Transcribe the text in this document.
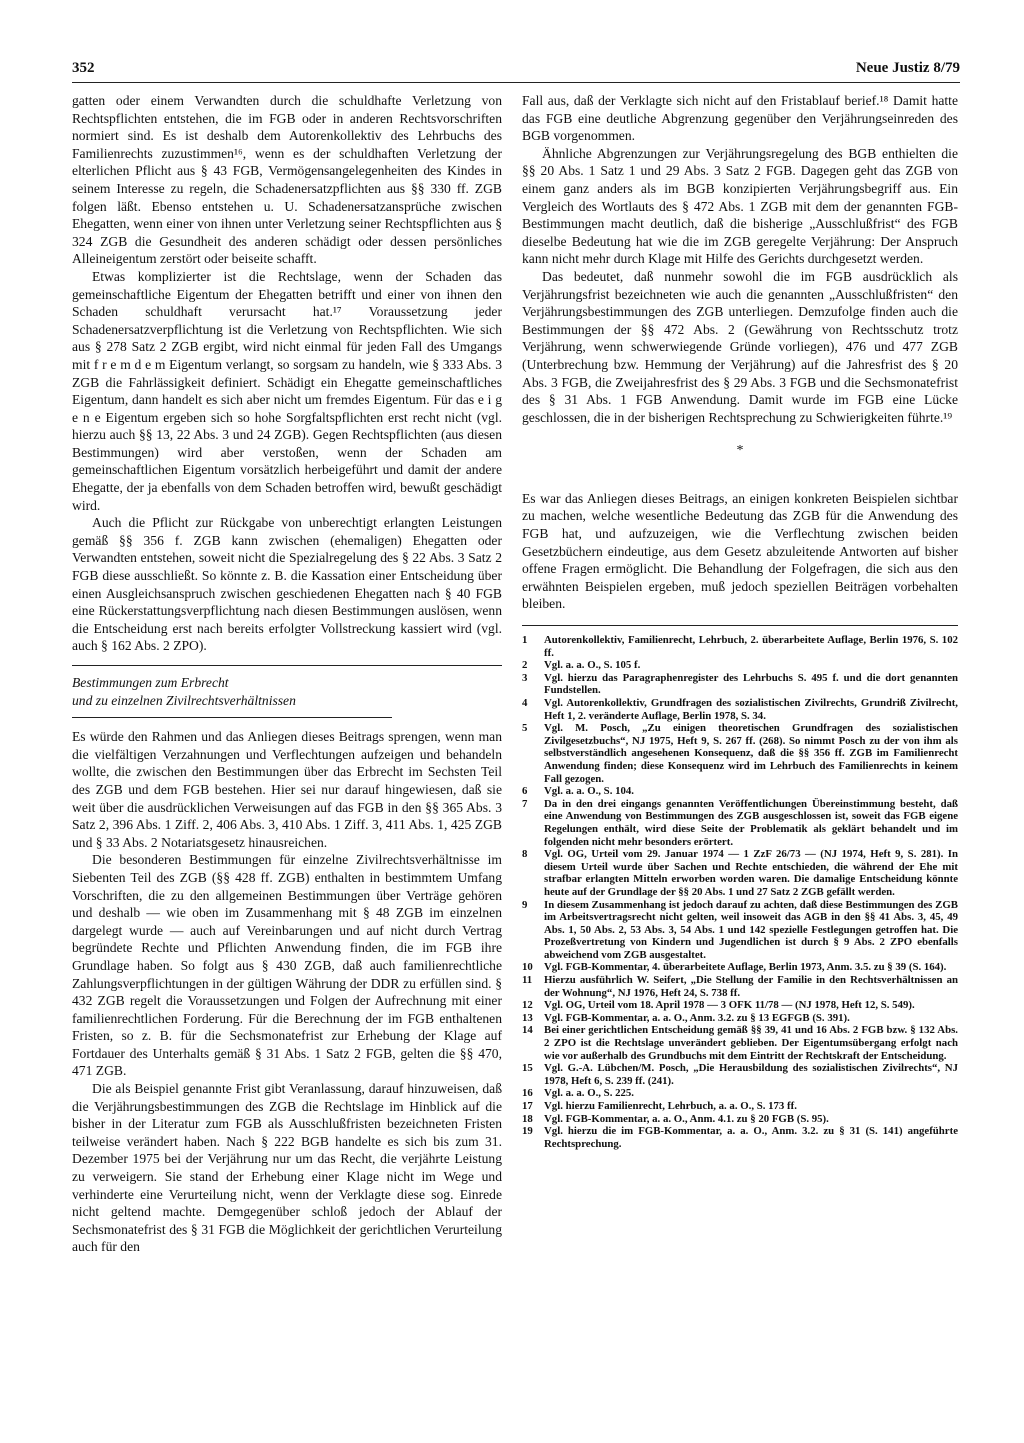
352	Neue Justiz 8/79

gatten oder einem Verwandten durch die schuldhafte Verletzung von Rechtspflichten entstehen, die im FGB oder in anderen Rechtsvorschriften normiert sind. Es ist deshalb dem Autorenkollektiv des Lehrbuchs des Familienrechts zuzustimmen¹⁶, wenn es der schuldhaften Verletzung der elterlichen Pflicht aus § 43 FGB, Vermögensangelegenheiten des Kindes in seinem Interesse zu regeln, die Schadenersatzpflichten aus §§ 330 ff. ZGB folgen läßt. Ebenso entstehen u. U. Schadenersatzansprüche zwischen Ehegatten, wenn einer von ihnen unter Verletzung seiner Rechtspflichten aus § 324 ZGB die Gesundheit des anderen schädigt oder dessen persönliches Alleineigentum zerstört oder beiseite schafft.

Etwas komplizierter ist die Rechtslage, wenn der Schaden das gemeinschaftliche Eigentum der Ehegatten betrifft und einer von ihnen den Schaden schuldhaft verursacht hat.¹⁷ Voraussetzung jeder Schadenersatzverpflichtung ist die Verletzung von Rechtspflichten. Wie sich aus § 278 Satz 2 ZGB ergibt, wird nicht einmal für jeden Fall des Umgangs mit f r e m d e m Eigentum verlangt, so sorgsam zu handeln, wie § 333 Abs. 3 ZGB die Fahrlässigkeit definiert. Schädigt ein Ehegatte gemeinschaftliches Eigentum, dann handelt es sich aber nicht um fremdes Eigentum. Für das e i g e n e Eigentum ergeben sich so hohe Sorgfaltspflichten erst recht nicht (vgl. hierzu auch §§ 13, 22 Abs. 3 und 24 ZGB). Gegen Rechtspflichten (aus diesen Bestimmungen) wird aber verstoßen, wenn der Schaden am gemeinschaftlichen Eigentum vorsätzlich herbeigeführt und damit der andere Ehegatte, der ja ebenfalls von dem Schaden betroffen wird, bewußt geschädigt wird.

Auch die Pflicht zur Rückgabe von unberechtigt erlangten Leistungen gemäß §§ 356 f. ZGB kann zwischen (ehemaligen) Ehegatten oder Verwandten entstehen, soweit nicht die Spezialregelung des § 22 Abs. 3 Satz 2 FGB diese ausschließt. So könnte z. B. die Kassation einer Entscheidung über einen Ausgleichsanspruch zwischen geschiedenen Ehegatten nach § 40 FGB eine Rückerstattungsverpflichtung nach diesen Bestimmungen auslösen, wenn die Entscheidung erst nach bereits erfolgter Vollstreckung kassiert wird (vgl. auch § 162 Abs. 2 ZPO).

Bestimmungen zum Erbrecht

und zu einzelnen Zivilrechtsverhältnissen

Es würde den Rahmen und das Anliegen dieses Beitrags sprengen, wenn man die vielfältigen Verzahnungen und Verflechtungen aufzeigen und behandeln wollte, die zwischen den Bestimmungen über das Erbrecht im Sechsten Teil des ZGB und dem FGB bestehen. Hier sei nur darauf hingewiesen, daß sie weit über die ausdrücklichen Verweisungen auf das FGB in den §§ 365 Abs. 3 Satz 2, 396 Abs. 1 Ziff. 2, 406 Abs. 3, 410 Abs. 1 Ziff. 3, 411 Abs. 1, 425 ZGB und § 33 Abs. 2 Notariatsgesetz hinausreichen.

Die besonderen Bestimmungen für einzelne Zivilrechtsverhältnisse im Siebenten Teil des ZGB (§§ 428 ff. ZGB) enthalten in bestimmtem Umfang Vorschriften, die zu den allgemeinen Bestimmungen über Verträge gehören und deshalb — wie oben im Zusammenhang mit § 48 ZGB im einzelnen dargelegt wurde — auch auf Vereinbarungen und auf nicht durch Vertrag begründete Rechte und Pflichten Anwendung finden, die im FGB ihre Grundlage haben. So folgt aus § 430 ZGB, daß auch familienrechtliche Zahlungsverpflichtungen in der gültigen Währung der DDR zu erfüllen sind. § 432 ZGB regelt die Voraussetzungen und Folgen der Aufrechnung mit einer familienrechtlichen Forderung. Für die Berechnung der im FGB enthaltenen Fristen, so z. B. für die Sechsmonatefrist zur Erhebung der Klage auf Fortdauer des Unterhalts gemäß § 31 Abs. 1 Satz 2 FGB, gelten die §§ 470, 471 ZGB.

Die als Beispiel genannte Frist gibt Veranlassung, darauf hinzuweisen, daß die Verjährungsbestimmungen des ZGB die Rechtslage im Hinblick auf die bisher in der Literatur zum FGB als Ausschlußfristen bezeichneten Fristen teilweise verändert haben. Nach § 222 BGB handelte es sich bis zum 31. Dezember 1975 bei der Verjährung nur um das Recht, die verjährte Leistung zu verweigern. Sie stand der Erhebung einer Klage nicht im Wege und verhinderte eine Verurteilung nicht, wenn der Verklagte diese sog. Einrede nicht geltend machte. Demgegenüber schloß jedoch der Ablauf der Sechsmonatefrist des § 31 FGB die Möglichkeit der gerichtlichen Verurteilung auch für den

Fall aus, daß der Verklagte sich nicht auf den Fristablauf berief.¹⁸ Damit hatte das FGB eine deutliche Abgrenzung gegenüber den Verjährungseinreden des BGB vorgenommen.

Ähnliche Abgrenzungen zur Verjährungsregelung des BGB enthielten die §§ 20 Abs. 1 Satz 1 und 29 Abs. 3 Satz 2 FGB. Dagegen geht das ZGB von einem ganz anders als im BGB konzipierten Verjährungsbegriff aus. Ein Vergleich des Wortlauts des § 472 Abs. 1 ZGB mit dem der genannten FGB-Bestimmungen macht deutlich, daß die bisherige „Ausschlußfrist“ des FGB dieselbe Bedeutung hat wie die im ZGB geregelte Verjährung: Der Anspruch kann nicht mehr durch Klage mit Hilfe des Gerichts durchgesetzt werden.

Das bedeutet, daß nunmehr sowohl die im FGB ausdrücklich als Verjährungsfrist bezeichneten wie auch die genannten „Ausschlußfristen“ den Verjährungsbestimmungen des ZGB unterliegen. Demzufolge finden auch die Bestimmungen der §§ 472 Abs. 2 (Gewährung von Rechtsschutz trotz Verjährung, wenn schwerwiegende Gründe vorliegen), 476 und 477 ZGB (Unterbrechung bzw. Hemmung der Verjährung) auf die Jahresfrist des § 20 Abs. 3 FGB, die Zweijahresfrist des § 29 Abs. 3 FGB und die Sechsmonatefrist des § 31 Abs. 1 FGB Anwendung. Damit wurde im FGB eine Lücke geschlossen, die in der bisherigen Rechtsprechung zu Schwierigkeiten führte.¹⁹

*

Es war das Anliegen dieses Beitrags, an einigen konkreten Beispielen sichtbar zu machen, welche wesentliche Bedeutung das ZGB für die Anwendung des FGB hat, und aufzuzeigen, wie die Verflechtung zwischen beiden Gesetzbüchern eindeutige, aus dem Gesetz abzuleitende Antworten auf bisher offene Fragen ermöglicht. Die Behandlung der Folgefragen, die sich aus den erwähnten Beispielen ergeben, muß jedoch speziellen Beiträgen vorbehalten bleiben.

1	Autorenkollektiv, Familienrecht, Lehrbuch, 2. überarbeitete Auflage, Berlin 1976, S. 102 ff.
2	Vgl. a. a. O., S. 105 f.
3	Vgl. hierzu das Paragraphenregister des Lehrbuchs S. 495 f. und die dort genannten Fundstellen.
4	Vgl. Autorenkollektiv, Grundfragen des sozialistischen Zivilrechts, Grundriß Zivilrecht, Heft 1, 2. veränderte Auflage, Berlin 1978, S. 34.
5	Vgl. M. Posch, „Zu einigen theoretischen Grundfragen des sozialistischen Zivilgesetzbuchs“, NJ 1975, Heft 9, S. 267 ff. (268). So nimmt Posch zu der von ihm als selbstverständlich angesehenen Konsequenz, daß die §§ 356 ff. ZGB im Familienrecht Anwendung finden; diese Konsequenz wird im Lehrbuch des Familienrechts in keinem Fall gezogen.
6	Vgl. a. a. O., S. 104.
7	Da in den drei eingangs genannten Veröffentlichungen Übereinstimmung besteht, daß eine Anwendung von Bestimmungen des ZGB ausgeschlossen ist, soweit das FGB eigene Regelungen enthält, wird diese Seite der Problematik als geklärt behandelt und im folgenden nicht mehr besonders erörtert.
8	Vgl. OG, Urteil vom 29. Januar 1974 — 1 ZzF 26/73 — (NJ 1974, Heft 9, S. 281). In diesem Urteil wurde über Sachen und Rechte entschieden, die während der Ehe mit strafbar erlangten Mitteln erworben worden waren. Die damalige Entscheidung könnte heute auf der Grundlage der §§ 20 Abs. 1 und 27 Satz 2 ZGB gefällt werden.
9	In diesem Zusammenhang ist jedoch darauf zu achten, daß diese Bestimmungen des ZGB im Arbeitsvertragsrecht nicht gelten, weil insoweit das AGB in den §§ 41 Abs. 3, 45, 49 Abs. 1, 50 Abs. 2, 53 Abs. 3, 54 Abs. 1 und 142 spezielle Festlegungen getroffen hat. Die Prozeßvertretung von Kindern und Jugendlichen ist durch § 9 Abs. 2 ZPO ebenfalls abweichend vom ZGB ausgestaltet.
10	Vgl. FGB-Kommentar, 4. überarbeitete Auflage, Berlin 1973, Anm. 3.5. zu § 39 (S. 164).
11	Hierzu ausführlich W. Seifert, „Die Stellung der Familie in den Rechtsverhältnissen an der Wohnung“, NJ 1976, Heft 24, S. 738 ff.
12	Vgl. OG, Urteil vom 18. April 1978 — 3 OFK 11/78 — (NJ 1978, Heft 12, S. 549).
13	Vgl. FGB-Kommentar, a. a. O., Anm. 3.2. zu § 13 EGFGB (S. 391).
14	Bei einer gerichtlichen Entscheidung gemäß §§ 39, 41 und 16 Abs. 2 FGB bzw. § 132 Abs. 2 ZPO ist die Rechtslage unverändert geblieben. Der Eigentumsübergang erfolgt nach wie vor außerhalb des Grundbuchs mit dem Eintritt der Rechtskraft der Entscheidung.
15	Vgl. G.-A. Lübchen/M. Posch, „Die Herausbildung des sozialistischen Zivilrechts“, NJ 1978, Heft 6, S. 239 ff. (241).
16	Vgl. a. a. O., S. 225.
17	Vgl. hierzu Familienrecht, Lehrbuch, a. a. O., S. 173 ff.
18	Vgl. FGB-Kommentar, a. a. O., Anm. 4.1. zu § 20 FGB (S. 95).
19	Vgl. hierzu die im FGB-Kommentar, a. a. O., Anm. 3.2. zu § 31 (S. 141) angeführte Rechtsprechung.
